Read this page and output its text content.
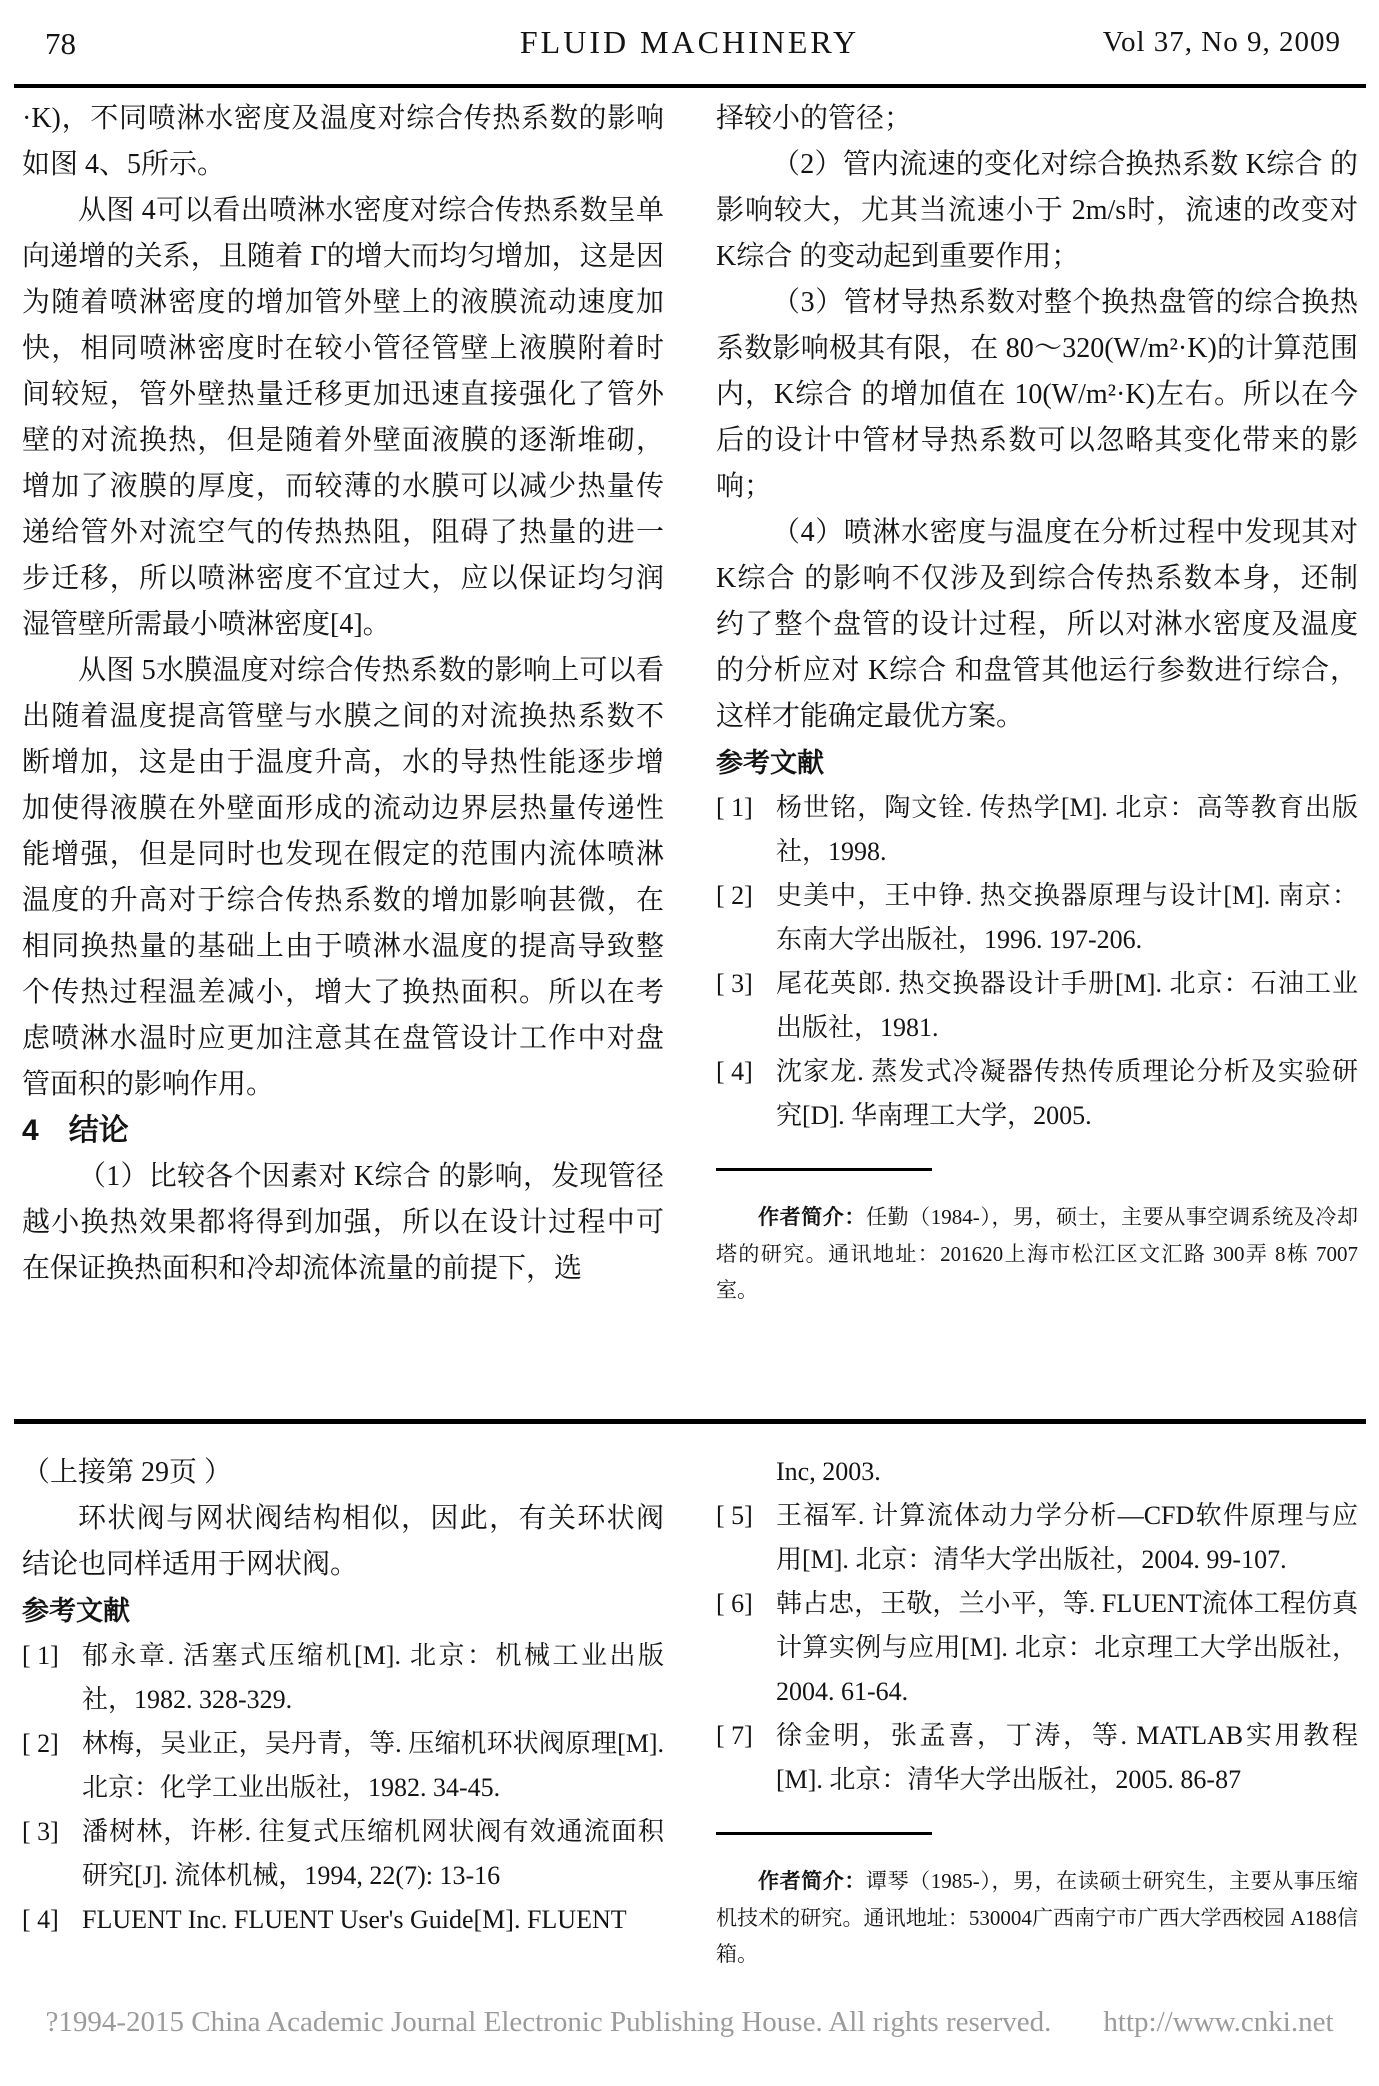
78	FLUID MACHINERY	Vol 37, No 9, 2009

·K)，不同喷淋水密度及温度对综合传热系数的影响如图 4、5所示。

从图 4可以看出喷淋水密度对综合传热系数呈单向递增的关系，且随着 Γ的增大而均匀增加，这是因为随着喷淋密度的增加管外壁上的液膜流动速度加快，相同喷淋密度时在较小管径管壁上液膜附着时间较短，管外壁热量迁移更加迅速直接强化了管外壁的对流换热，但是随着外壁面液膜的逐渐堆砌，增加了液膜的厚度，而较薄的水膜可以减少热量传递给管外对流空气的传热热阻，阻碍了热量的进一步迁移，所以喷淋密度不宜过大，应以保证均匀润湿管壁所需最小喷淋密度[4]。

从图 5水膜温度对综合传热系数的影响上可以看出随着温度提高管壁与水膜之间的对流换热系数不断增加，这是由于温度升高，水的导热性能逐步增加使得液膜在外壁面形成的流动边界层热量传递性能增强，但是同时也发现在假定的范围内流体喷淋温度的升高对于综合传热系数的增加影响甚微，在相同换热量的基础上由于喷淋水温度的提高导致整个传热过程温差减小，增大了换热面积。所以在考虑喷淋水温时应更加注意其在盘管设计工作中对盘管面积的影响作用。

4 结论

（1）比较各个因素对 K综合 的影响，发现管径越小换热效果都将得到加强，所以在设计过程中可在保证换热面积和冷却流体流量的前提下，选

择较小的管径；

（2）管内流速的变化对综合换热系数 K综合 的影响较大，尤其当流速小于 2m/s时，流速的改变对 K综合 的变动起到重要作用；

（3）管材导热系数对整个换热盘管的综合换热系数影响极其有限，在 80～320(W/m²·K)的计算范围内，K综合 的增加值在 10(W/m²·K)左右。所以在今后的设计中管材导热系数可以忽略其变化带来的影响；

（4）喷淋水密度与温度在分析过程中发现其对 K综合 的影响不仅涉及到综合传热系数本身，还制约了整个盘管的设计过程，所以对淋水密度及温度的分析应对 K综合 和盘管其他运行参数进行综合，这样才能确定最优方案。

参考文献

[ 1] 杨世铭，陶文铨. 传热学[M]. 北京：高等教育出版社，1998.
[ 2] 史美中，王中铮. 热交换器原理与设计[M]. 南京：东南大学出版社，1996. 197-206.
[ 3] 尾花英郎. 热交换器设计手册[M]. 北京：石油工业出版社，1981.
[ 4] 沈家龙. 蒸发式冷凝器传热传质理论分析及实验研究[D]. 华南理工大学，2005.

作者简介：任勤（1984-），男，硕士，主要从事空调系统及冷却塔的研究。通讯地址：201620上海市松江区文汇路 300弄 8栋 7007室。

（上接第 29页 ）

环状阀与网状阀结构相似，因此，有关环状阀结论也同样适用于网状阀。

参考文献

[ 1] 郁永章. 活塞式压缩机[M]. 北京：机械工业出版社，1982. 328-329.
[ 2] 林梅，吴业正，吴丹青，等. 压缩机环状阀原理[M]. 北京：化学工业出版社，1982. 34-45.
[ 3] 潘树林，许彬. 往复式压缩机网状阀有效通流面积研究[J]. 流体机械，1994, 22(7): 13-16
[ 4] FLUENT Inc. FLUENT User's Guide[M]. FLUENT

Inc, 2003.

[ 5] 王福军. 计算流体动力学分析—CFD软件原理与应用[M]. 北京：清华大学出版社，2004. 99-107.
[ 6] 韩占忠，王敬，兰小平，等. FLUENT流体工程仿真计算实例与应用[M]. 北京：北京理工大学出版社，2004. 61-64.
[ 7] 徐金明，张孟喜，丁涛，等. MATLAB实用教程[M]. 北京：清华大学出版社，2005. 86-87

作者简介：谭琴（1985-），男，在读硕士研究生，主要从事压缩机技术的研究。通讯地址：530004广西南宁市广西大学西校园 A188信箱。

?1994-2015 China Academic Journal Electronic Publishing House. All rights reserved. http://www.cnki.net
